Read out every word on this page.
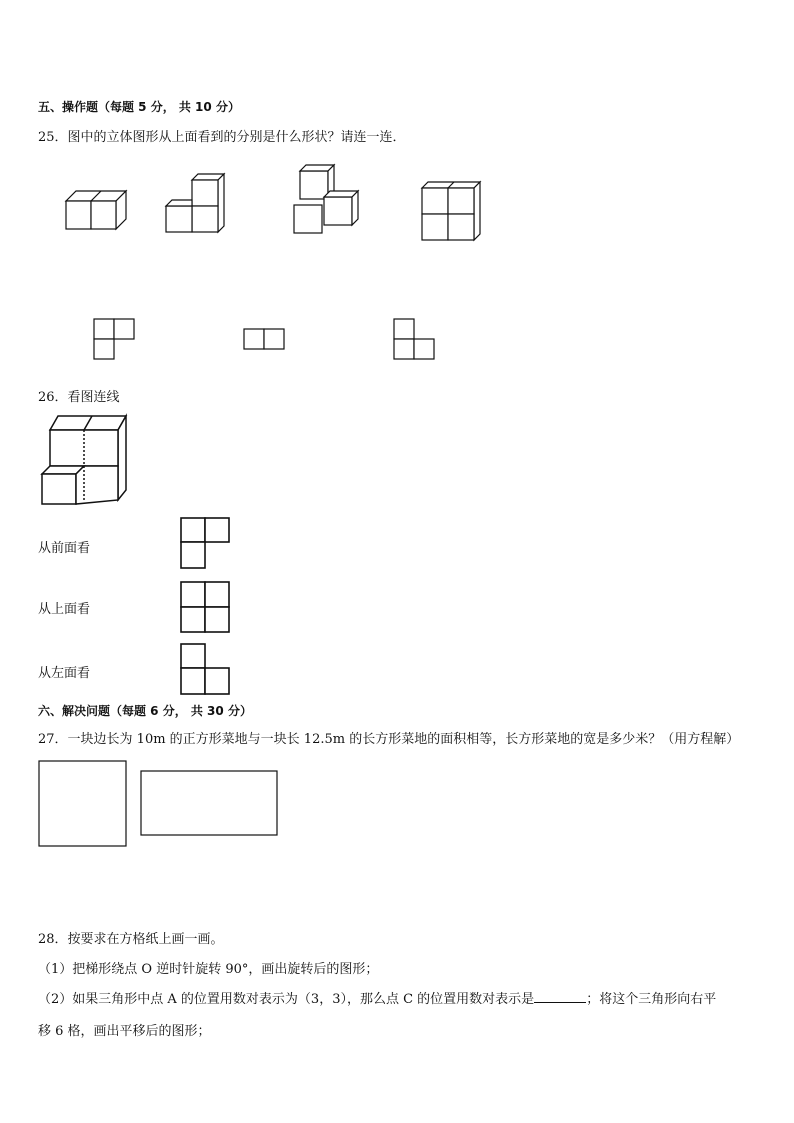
五、操作题（每题 5 分， 共 10 分）
25．图中的立体图形从上面看到的分别是什么形状？请连一连．
26．看图连线
从前面看
从上面看
从左面看
六、解决问题（每题 6 分， 共 30 分）
27．一块边长为 10m 的正方形菜地与一块长 12.5m 的长方形菜地的面积相等，长方形菜地的宽是多少米？（用方程解）
28．按要求在方格纸上画一画。
（1）把梯形绕点 O 逆时针旋转 90°，画出旋转后的图形；
（2）如果三角形中点 A 的位置用数对表示为（3，3），那么点 C 的位置用数对表示是	；将这个三角形向右平
移 6 格，画出平移后的图形；
